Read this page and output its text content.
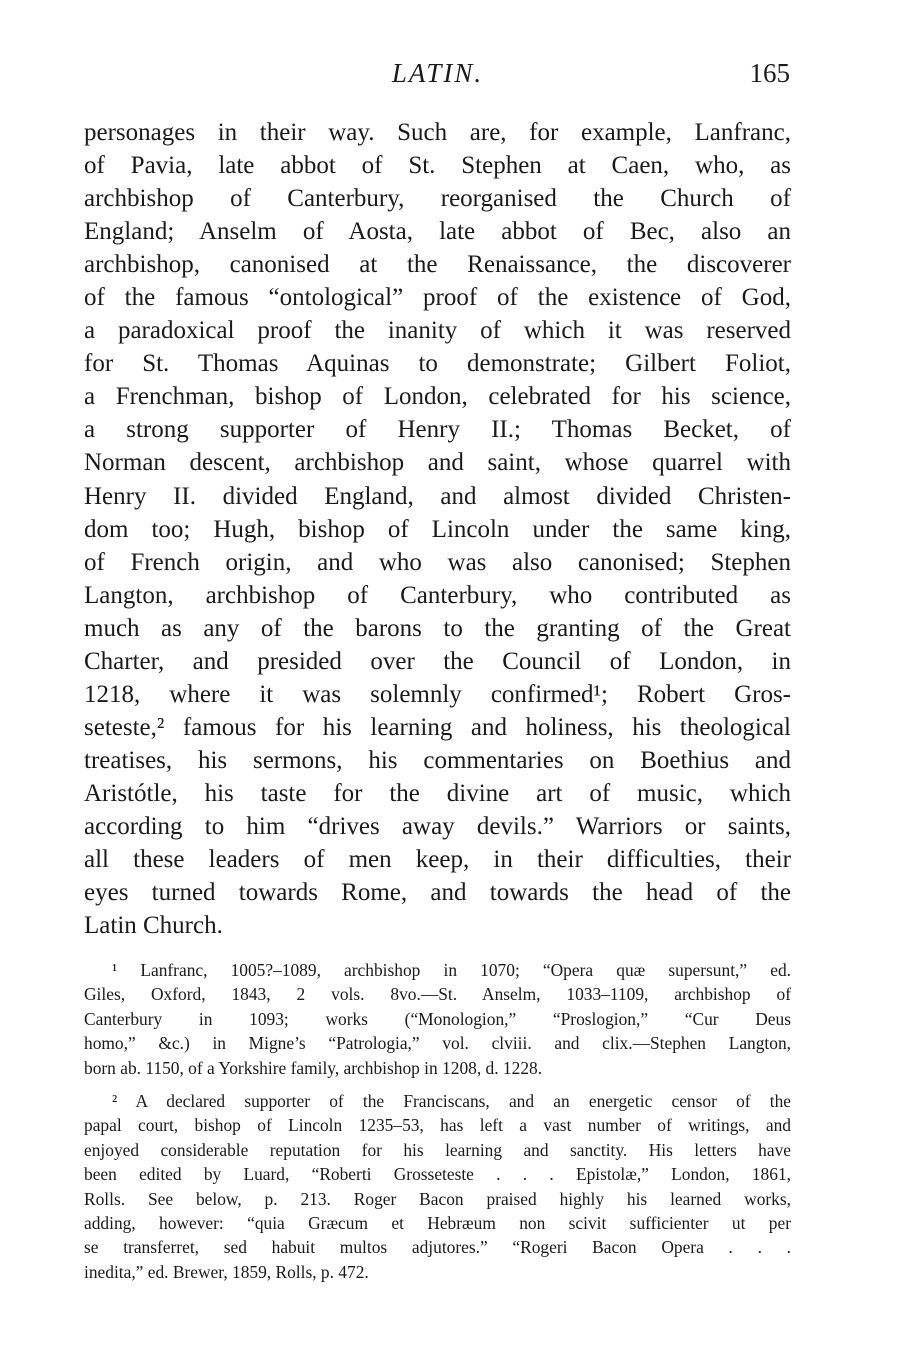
LATIN.	165
personages in their way. Such are, for example, Lanfranc,
of Pavia, late abbot of St. Stephen at Caen, who, as
archbishop of Canterbury, reorganised the Church of
England; Anselm of Aosta, late abbot of Bec, also an
archbishop, canonised at the Renaissance, the discoverer
of the famous “ontological” proof of the existence of God,
a paradoxical proof the inanity of which it was reserved
for St. Thomas Aquinas to demonstrate; Gilbert Foliot,
a Frenchman, bishop of London, celebrated for his science,
a strong supporter of Henry II.; Thomas Becket, of
Norman descent, archbishop and saint, whose quarrel with
Henry II. divided England, and almost divided Christen-
dom too; Hugh, bishop of Lincoln under the same king,
of French origin, and who was also canonised; Stephen
Langton, archbishop of Canterbury, who contributed as
much as any of the barons to the granting of the Great
Charter, and presided over the Council of London, in
1218, where it was solemnly confirmed¹; Robert Gros-
seteste,² famous for his learning and holiness, his theological
treatises, his sermons, his commentaries on Boethius and
Aristótle, his taste for the divine art of music, which
according to him “drives away devils.” Warriors or saints,
all these leaders of men keep, in their difficulties, their
eyes turned towards Rome, and towards the head of the
Latin Church.
¹ Lanfranc, 1005?–1089, archbishop in 1070; “Opera quæ supersunt,” ed.
Giles, Oxford, 1843, 2 vols. 8vo.—St. Anselm, 1033–1109, archbishop of
Canterbury in 1093; works (“Monologion,” “Proslogion,” “Cur Deus
homo,” &c.) in Migne’s “Patrologia,” vol. clviii. and clix.—Stephen Langton,
born ab. 1150, of a Yorkshire family, archbishop in 1208, d. 1228.
² A declared supporter of the Franciscans, and an energetic censor of the
papal court, bishop of Lincoln 1235–53, has left a vast number of writings, and
enjoyed considerable reputation for his learning and sanctity. His letters have
been edited by Luard, “Roberti Grosseteste . . . Epistolæ,” London, 1861,
Rolls. See below, p. 213. Roger Bacon praised highly his learned works,
adding, however: “quia Græcum et Hebræum non scivit sufficienter ut per
se transferret, sed habuit multos adjutores.” “Rogeri Bacon Opera . . .
inedita,” ed. Brewer, 1859, Rolls, p. 472.
